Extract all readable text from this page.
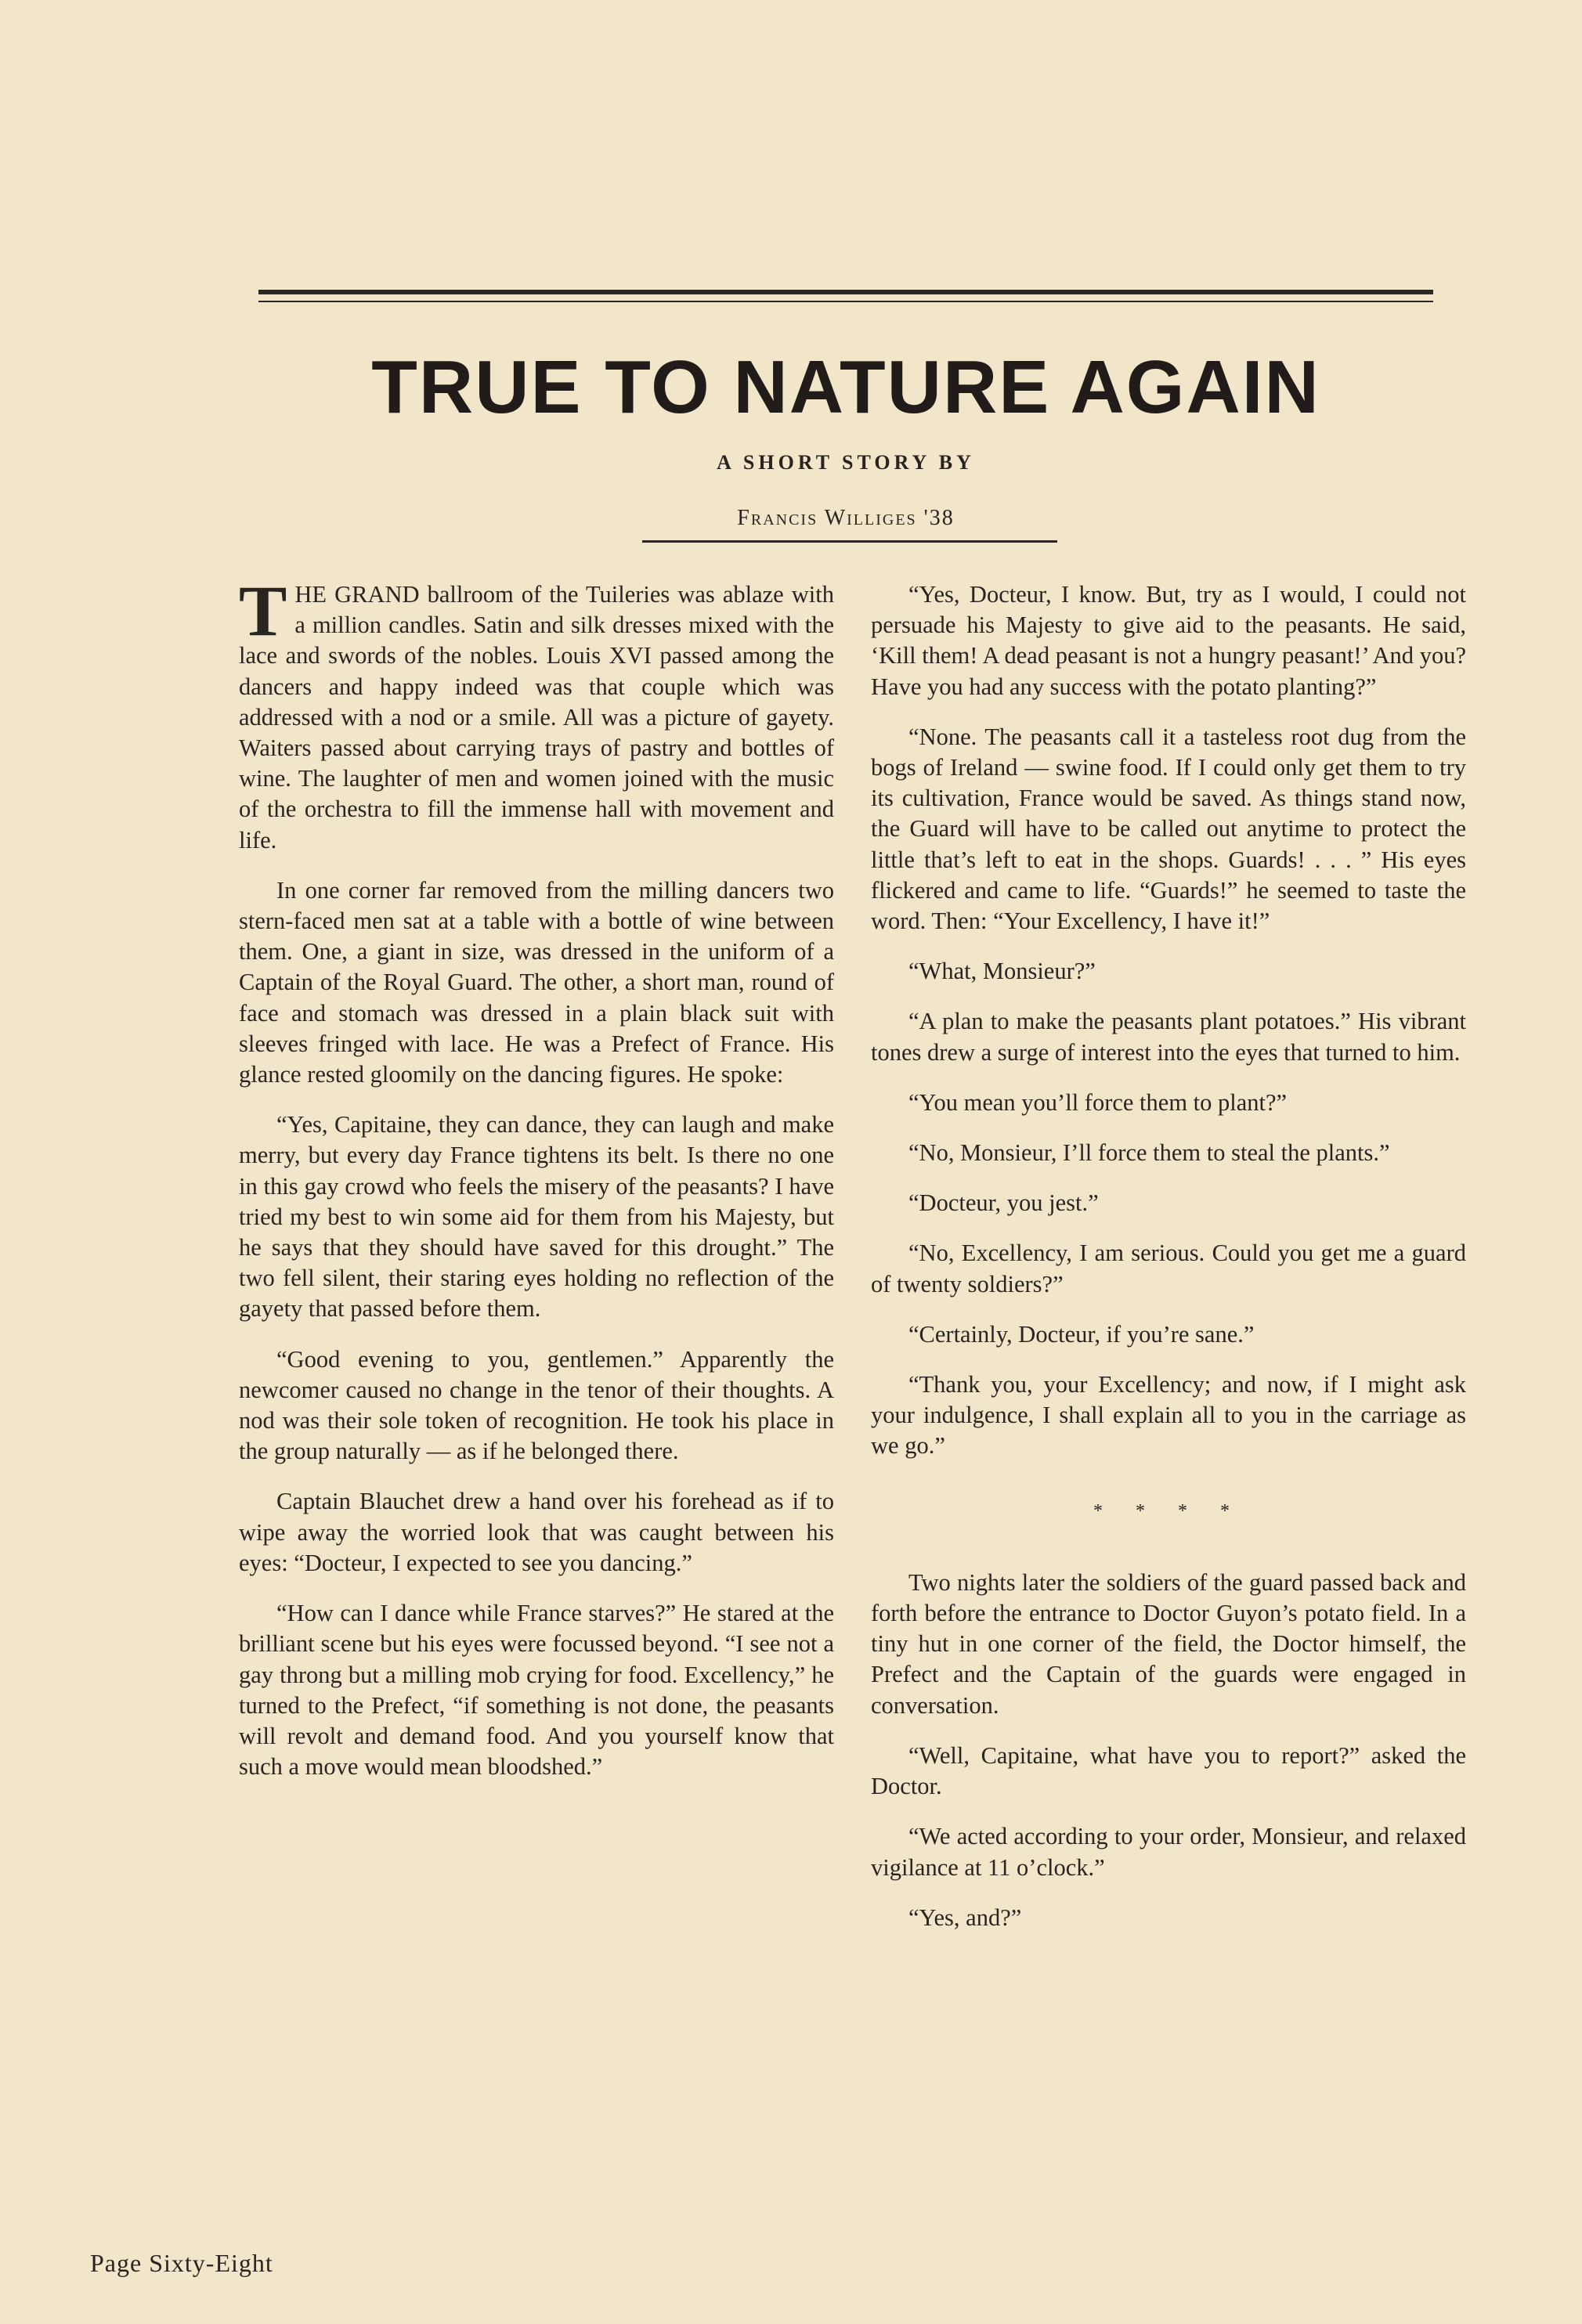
TRUE TO NATURE AGAIN
A SHORT STORY BY
Francis Williges '38

THE GRAND ballroom of the Tuileries was ablaze with a million candles. Satin and silk dresses mixed with the lace and swords of the nobles. Louis XVI passed among the dancers and happy indeed was that couple which was addressed with a nod or a smile. All was a picture of gayety. Waiters passed about carrying trays of pastry and bottles of wine. The laughter of men and women joined with the music of the orchestra to fill the immense hall with movement and life.

In one corner far removed from the milling dancers two stern-faced men sat at a table with a bottle of wine between them. One, a giant in size, was dressed in the uniform of a Captain of the Royal Guard. The other, a short man, round of face and stomach was dressed in a plain black suit with sleeves fringed with lace. He was a Prefect of France. His glance rested gloomily on the dancing figures. He spoke:

“Yes, Capitaine, they can dance, they can laugh and make merry, but every day France tightens its belt. Is there no one in this gay crowd who feels the misery of the peasants? I have tried my best to win some aid for them from his Majesty, but he says that they should have saved for this drought.” The two fell silent, their staring eyes holding no reflection of the gayety that passed before them.

“Good evening to you, gentlemen.” Apparently the newcomer caused no change in the tenor of their thoughts. A nod was their sole token of recognition. He took his place in the group naturally — as if he belonged there.

Captain Blauchet drew a hand over his forehead as if to wipe away the worried look that was caught between his eyes: “Docteur, I expected to see you dancing.”

“How can I dance while France starves?” He stared at the brilliant scene but his eyes were focussed beyond. “I see not a gay throng but a milling mob crying for food. Excellency,” he turned to the Prefect, “if something is not done, the peasants will revolt and demand food. And you yourself know that such a move would mean bloodshed.”

“Yes, Docteur, I know. But, try as I would, I could not persuade his Majesty to give aid to the peasants. He said, ‘Kill them! A dead peasant is not a hungry peasant!’ And you? Have you had any success with the potato planting?”

“None. The peasants call it a tasteless root dug from the bogs of Ireland — swine food. If I could only get them to try its cultivation, France would be saved. As things stand now, the Guard will have to be called out anytime to protect the little that’s left to eat in the shops. Guards! . . . ” His eyes flickered and came to life. “Guards!” he seemed to taste the word. Then: “Your Excellency, I have it!”

“What, Monsieur?”

“A plan to make the peasants plant potatoes.” His vibrant tones drew a surge of interest into the eyes that turned to him.

“You mean you’ll force them to plant?”

“No, Monsieur, I’ll force them to steal the plants.”

“Docteur, you jest.”

“No, Excellency, I am serious. Could you get me a guard of twenty soldiers?”

“Certainly, Docteur, if you’re sane.”

“Thank you, your Excellency; and now, if I might ask your indulgence, I shall explain all to you in the carriage as we go.”

* * * *

Two nights later the soldiers of the guard passed back and forth before the entrance to Doctor Guyon’s potato field. In a tiny hut in one corner of the field, the Doctor himself, the Prefect and the Captain of the guards were engaged in conversation.

“Well, Capitaine, what have you to report?” asked the Doctor.

“We acted according to your order, Monsieur, and relaxed vigilance at 11 o’clock.”

“Yes, and?”

Page Sixty-Eight
